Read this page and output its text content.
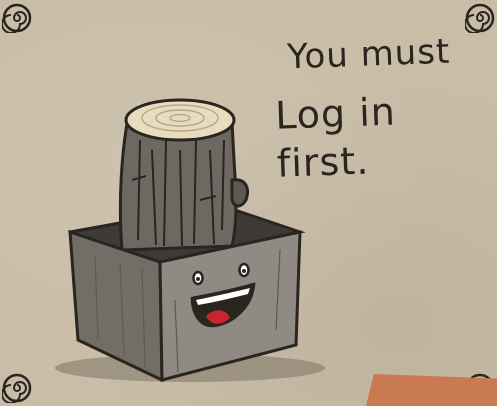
You must
Log in first.
